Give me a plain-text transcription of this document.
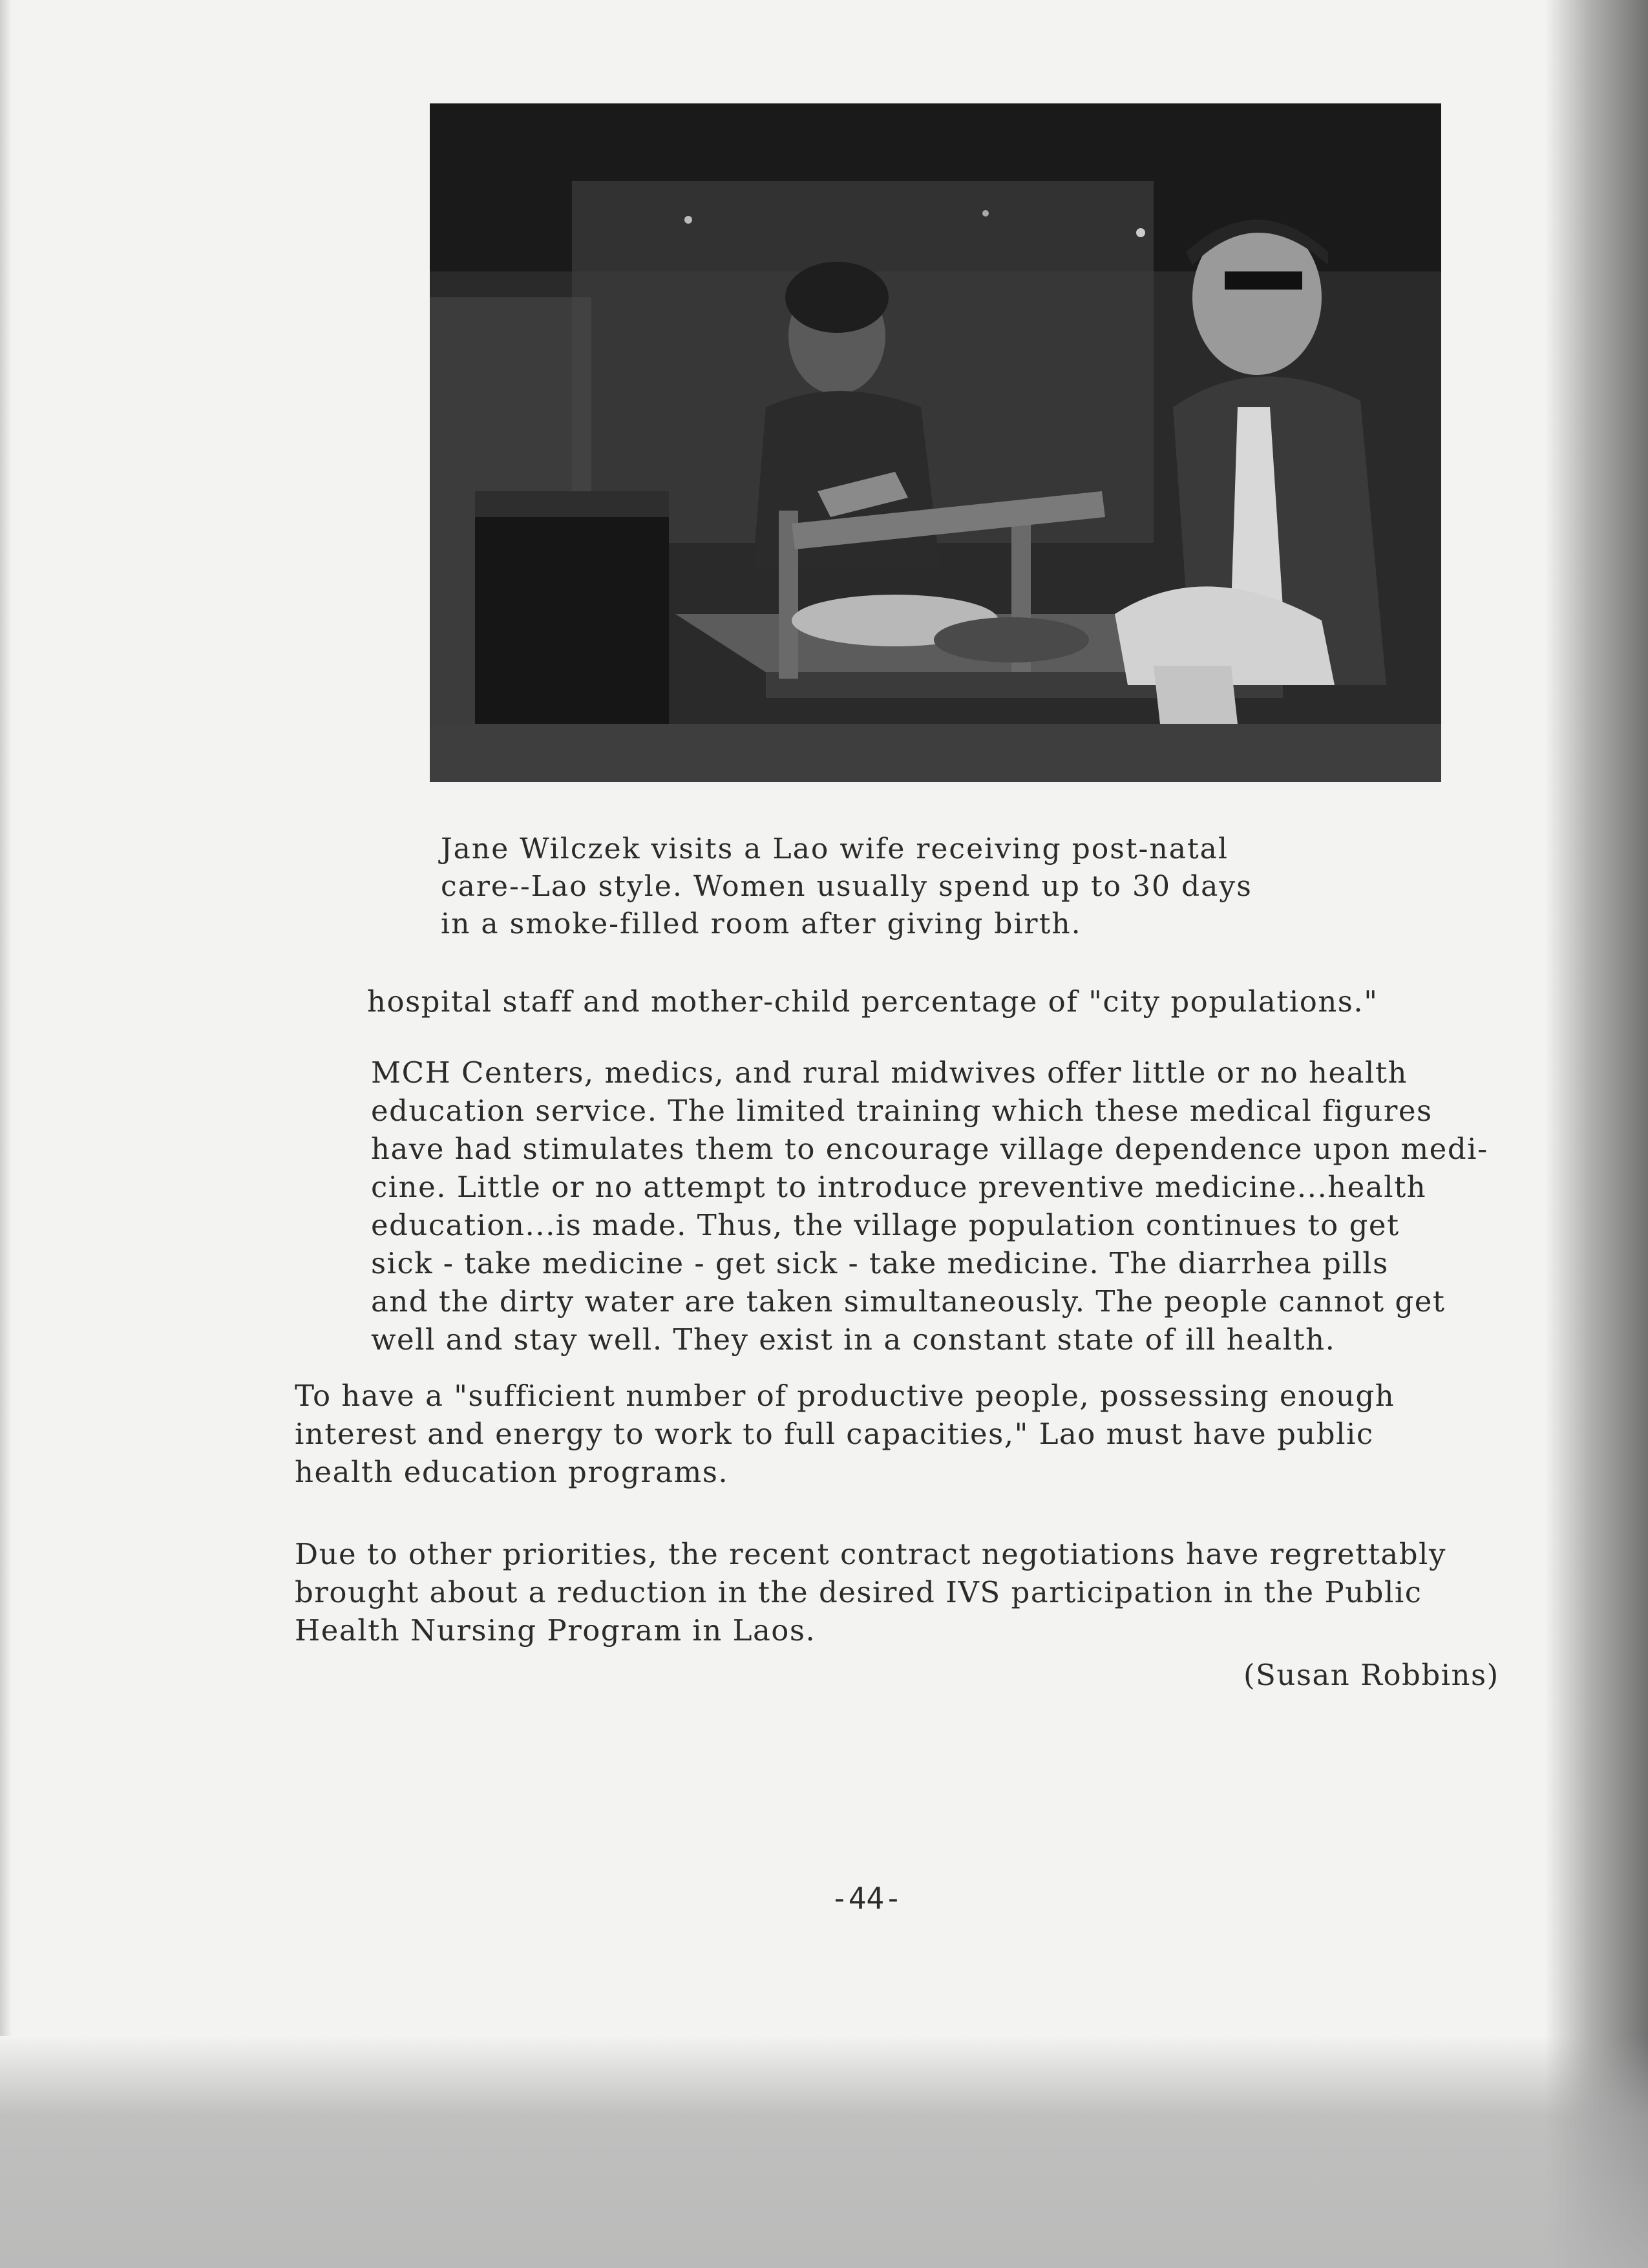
Jane Wilczek visits a Lao wife receiving post-natal
care--Lao style. Women usually spend up to 30 days
in a smoke-filled room after giving birth.
hospital staff and mother-child percentage of "city populations."
MCH Centers, medics, and rural midwives offer little or no health
education service. The limited training which these medical figures
have had stimulates them to encourage village dependence upon medi-
cine. Little or no attempt to introduce preventive medicine...health
education...is made. Thus, the village population continues to get
sick - take medicine - get sick - take medicine. The diarrhea pills
and the dirty water are taken simultaneously. The people cannot get
well and stay well. They exist in a constant state of ill health.
To have a "sufficient number of productive people, possessing enough
interest and energy to work to full capacities," Lao must have public
health education programs.
Due to other priorities, the recent contract negotiations have regrettably
brought about a reduction in the desired IVS participation in the Public
Health Nursing Program in Laos.

(Susan Robbins)

-44-
